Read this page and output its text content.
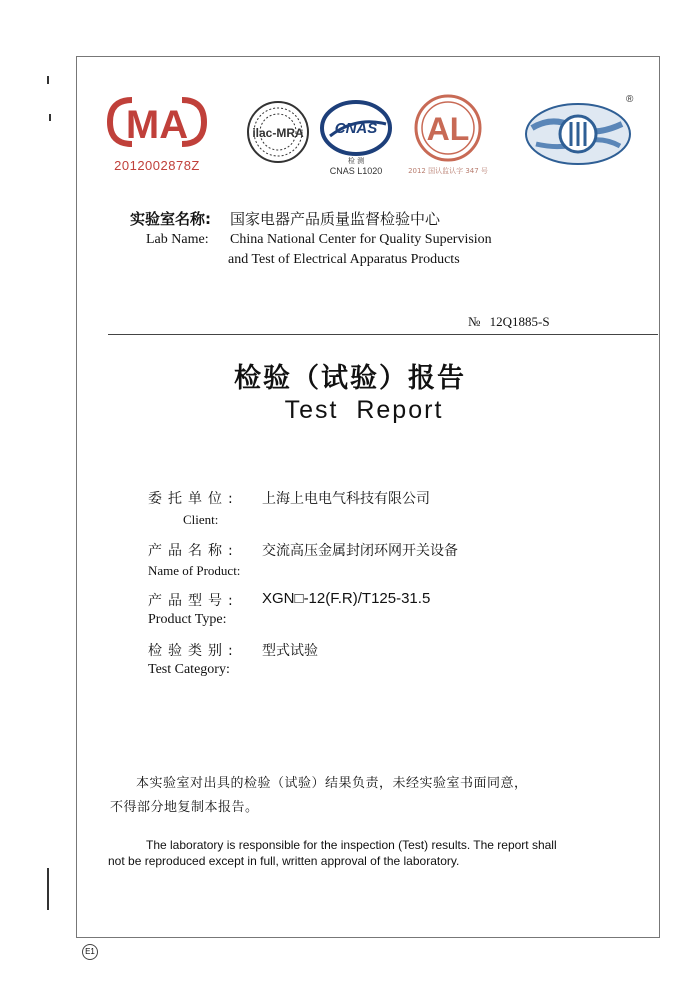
MA
2012002878Z
ilac-MRA CNAS
检 测
CNAS L1020
AL
2012 国认监认字 347 号
®
实验室名称: 国家电器产品质量监督检验中心
Lab Name: China National Center for Quality Supervision
and Test of Electrical Apparatus Products
№ 12Q1885-S
检验（试验）报告
Test  Report
委托单位: 上海上电电气科技有限公司
Client:
产品名称: 交流高压金属封闭环网开关设备
Name of Product:
产品型号: XGN□-12(F.R)/T125-31.5
Product Type:
检验类别: 型式试验
Test Category:
本实验室对出具的检验（试验）结果负责，未经实验室书面同意，
不得部分地复制本报告。
The laboratory is responsible for the inspection (Test) results. The report shall
not be reproduced except in full, written approval of the laboratory.
E1
